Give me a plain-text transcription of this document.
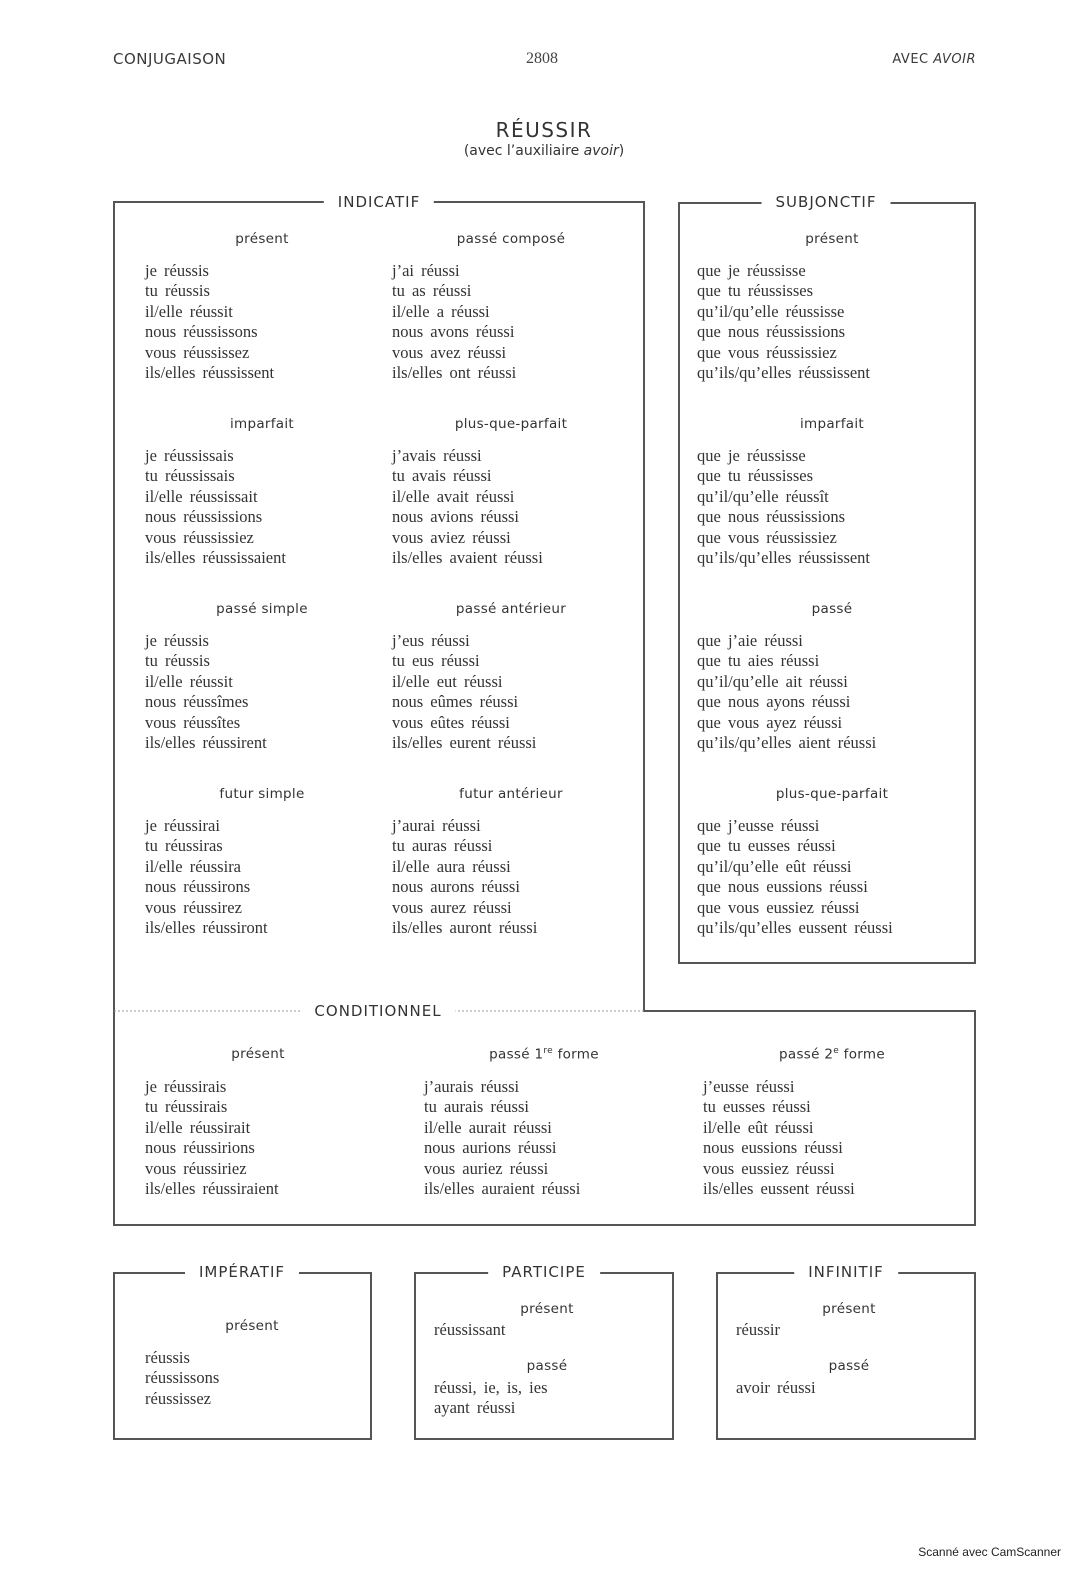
CONJUGAISON	2808	AVEC AVOIR
RÉUSSIR
(avec l’auxiliaire avoir)
INDICATIF
CONDITIONNEL
SUBJONCTIF
présent
je réussis
tu réussis
il/elle réussit
nous réussissons
vous réussissez
ils/elles réussissent
passé composé
j’ai réussi
tu as réussi
il/elle a réussi
nous avons réussi
vous avez réussi
ils/elles ont réussi
imparfait
je réussissais
tu réussissais
il/elle réussissait
nous réussissions
vous réussissiez
ils/elles réussissaient
plus-que-parfait
j’avais réussi
tu avais réussi
il/elle avait réussi
nous avions réussi
vous aviez réussi
ils/elles avaient réussi
passé simple
je réussis
tu réussis
il/elle réussit
nous réussîmes
vous réussîtes
ils/elles réussirent
passé antérieur
j’eus réussi
tu eus réussi
il/elle eut réussi
nous eûmes réussi
vous eûtes réussi
ils/elles eurent réussi
futur simple
je réussirai
tu réussiras
il/elle réussira
nous réussirons
vous réussirez
ils/elles réussiront
futur antérieur
j’aurai réussi
tu auras réussi
il/elle aura réussi
nous aurons réussi
vous aurez réussi
ils/elles auront réussi
présent
que je réussisse
que tu réussisses
qu’il/qu’elle réussisse
que nous réussissions
que vous réussissiez
qu’ils/qu’elles réussissent
imparfait
que je réussisse
que tu réussisses
qu’il/qu’elle réussît
que nous réussissions
que vous réussissiez
qu’ils/qu’elles réussissent
passé
que j’aie réussi
que tu aies réussi
qu’il/qu’elle ait réussi
que nous ayons réussi
que vous ayez réussi
qu’ils/qu’elles aient réussi
plus-que-parfait
que j’eusse réussi
que tu eusses réussi
qu’il/qu’elle eût réussi
que nous eussions réussi
que vous eussiez réussi
qu’ils/qu’elles eussent réussi
présent
je réussirais
tu réussirais
il/elle réussirait
nous réussirions
vous réussiriez
ils/elles réussiraient
passé 1re forme
j’aurais réussi
tu aurais réussi
il/elle aurait réussi
nous aurions réussi
vous auriez réussi
ils/elles auraient réussi
passé 2e forme
j’eusse réussi
tu eusses réussi
il/elle eût réussi
nous eussions réussi
vous eussiez réussi
ils/elles eussent réussi
IMPÉRATIF
présent
réussis
réussissons
réussissez
PARTICIPE
présent
réussissant
passé
réussi, ie, is, ies
ayant réussi
INFINITIF
présent
réussir
passé
avoir réussi
Scanné avec CamScanner
